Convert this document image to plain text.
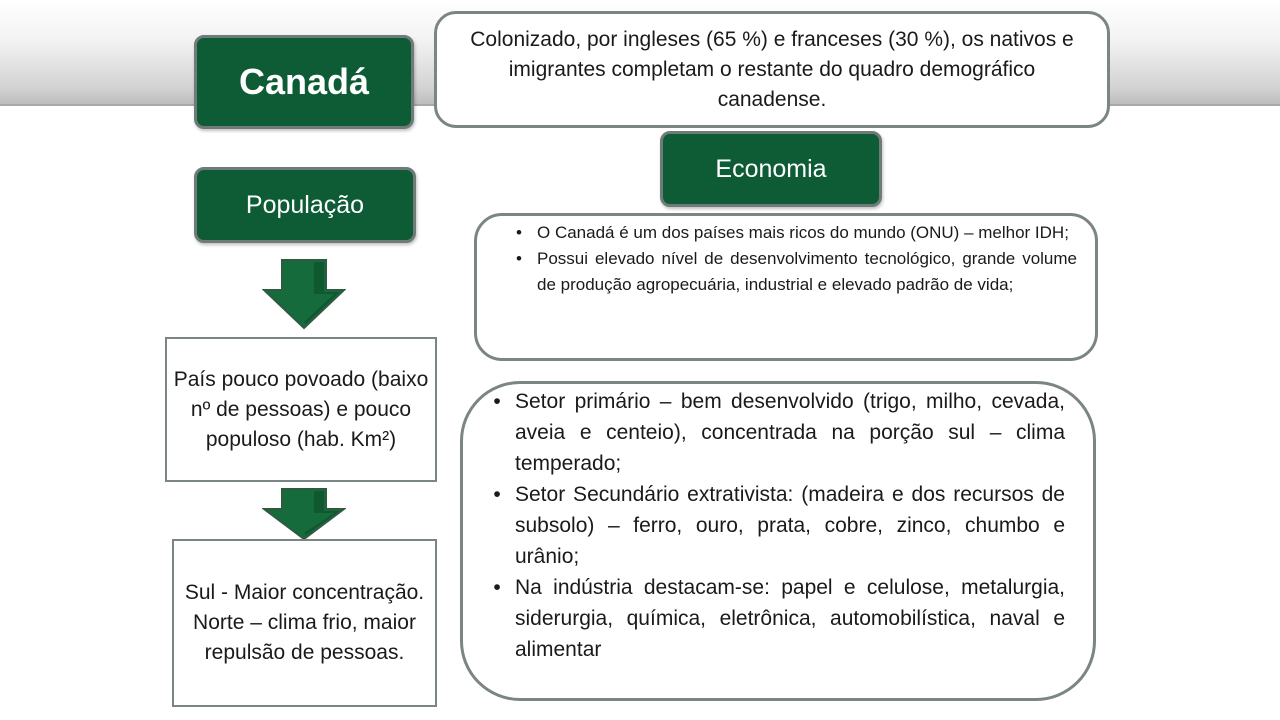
Canadá
Colonizado, por ingleses (65 %) e franceses (30 %), os nativos e imigrantes completam o restante do quadro demográfico canadense.
Economia
População
País pouco povoado (baixo nº de pessoas) e pouco populoso (hab. Km²)
Sul - Maior concentração. Norte – clima frio, maior repulsão de pessoas.
• O Canadá é um dos países mais ricos do mundo (ONU) – melhor IDH;
• Possui elevado nível de desenvolvimento tecnológico, grande volume de produção agropecuária, industrial e elevado padrão de vida;
• Setor primário – bem desenvolvido (trigo, milho, cevada, aveia e centeio), concentrada na porção sul – clima temperado;
• Setor Secundário extrativista: (madeira e dos recursos de subsolo) – ferro, ouro, prata, cobre, zinco, chumbo e urânio;
• Na indústria destacam-se: papel e celulose, metalurgia, siderurgia, química, eletrônica, automobilística, naval e alimentar
